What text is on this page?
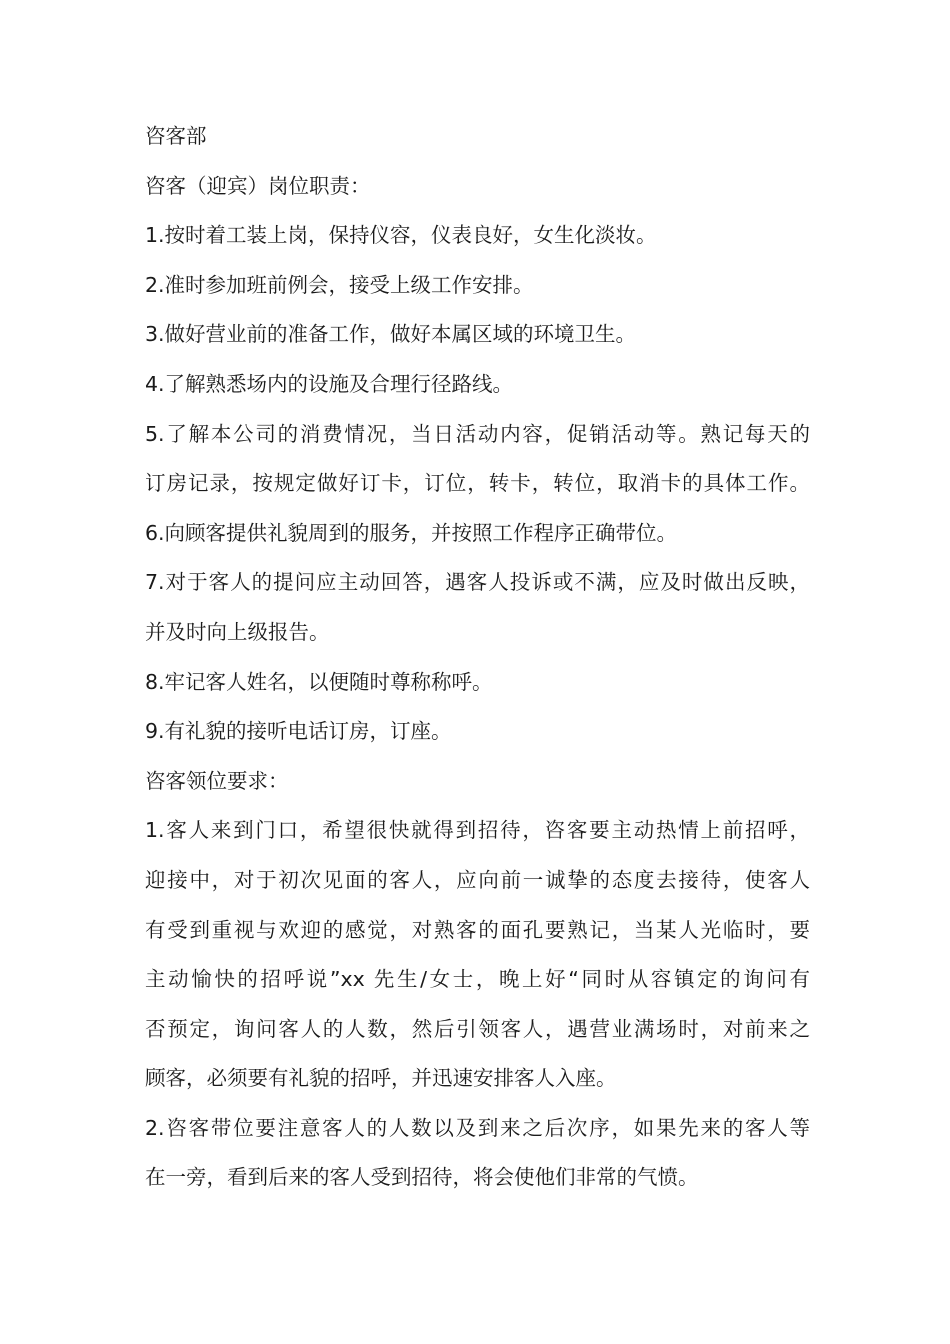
咨客部
咨客（迎宾）岗位职责：
1.按时着工装上岗，保持仪容，仪表良好，女生化淡妆。
2.准时参加班前例会，接受上级工作安排。
3.做好营业前的准备工作，做好本属区域的环境卫生。
4.了解熟悉场内的设施及合理行径路线。
5.了解本公司的消费情况，当日活动内容，促销活动等。熟记每天的
订房记录，按规定做好订卡，订位，转卡，转位，取消卡的具体工作。
6.向顾客提供礼貌周到的服务，并按照工作程序正确带位。
7.对于客人的提问应主动回答，遇客人投诉或不满，应及时做出反映，
并及时向上级报告。
8.牢记客人姓名，以便随时尊称称呼。
9.有礼貌的接听电话订房，订座。
咨客领位要求：
1.客人来到门口，希望很快就得到招待，咨客要主动热情上前招呼，
迎接中，对于初次见面的客人，应向前一诚挚的态度去接待，使客人
有受到重视与欢迎的感觉，对熟客的面孔要熟记，当某人光临时，要
主动愉快的招呼说”xx 先生/女士，晚上好“同时从容镇定的询问有
否预定，询问客人的人数，然后引领客人，遇营业满场时，对前来之
顾客，必须要有礼貌的招呼，并迅速安排客人入座。
2.咨客带位要注意客人的人数以及到来之后次序，如果先来的客人等
在一旁，看到后来的客人受到招待，将会使他们非常的气愤。
